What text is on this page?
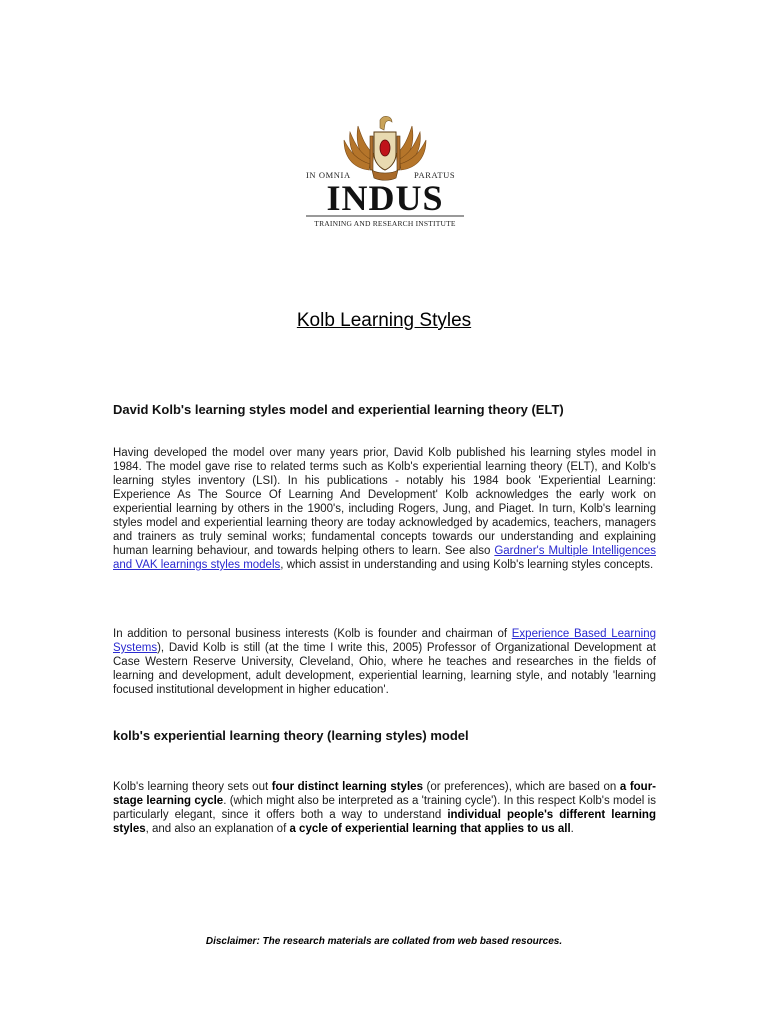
IN OMNIA	PARATUS
INDUS
TRAINING AND RESEARCH INSTITUTE
Kolb Learning Styles
David Kolb's learning styles model and experiential learning theory (ELT)

Having developed the model over many years prior, David Kolb published his learning styles model in 1984. The model gave rise to related terms such as Kolb's experiential learning theory (ELT), and Kolb's learning styles inventory (LSI). In his publications - notably his 1984 book 'Experiential Learning: Experience As The Source Of Learning And Development' Kolb acknowledges the early work on experiential learning by others in the 1900's, including Rogers, Jung, and Piaget. In turn, Kolb's learning styles model and experiential learning theory are today acknowledged by academics, teachers, managers and trainers as truly seminal works; fundamental concepts towards our understanding and explaining human learning behaviour, and towards helping others to learn. See also Gardner's Multiple Intelligences and VAK learnings styles models, which assist in understanding and using Kolb's learning styles concepts.

In addition to personal business interests (Kolb is founder and chairman of Experience Based Learning Systems), David Kolb is still (at the time I write this, 2005) Professor of Organizational Development at Case Western Reserve University, Cleveland, Ohio, where he teaches and researches in the fields of learning and development, adult development, experiential learning, learning style, and notably 'learning focused institutional development in higher education'.

kolb's experiential learning theory (learning styles) model

Kolb's learning theory sets out four distinct learning styles (or preferences), which are based on a four-stage learning cycle. (which might also be interpreted as a 'training cycle'). In this respect Kolb's model is particularly elegant, since it offers both a way to understand individual people's different learning styles, and also an explanation of a cycle of experiential learning that applies to us all.

Disclaimer: The research materials are collated from web based resources.
